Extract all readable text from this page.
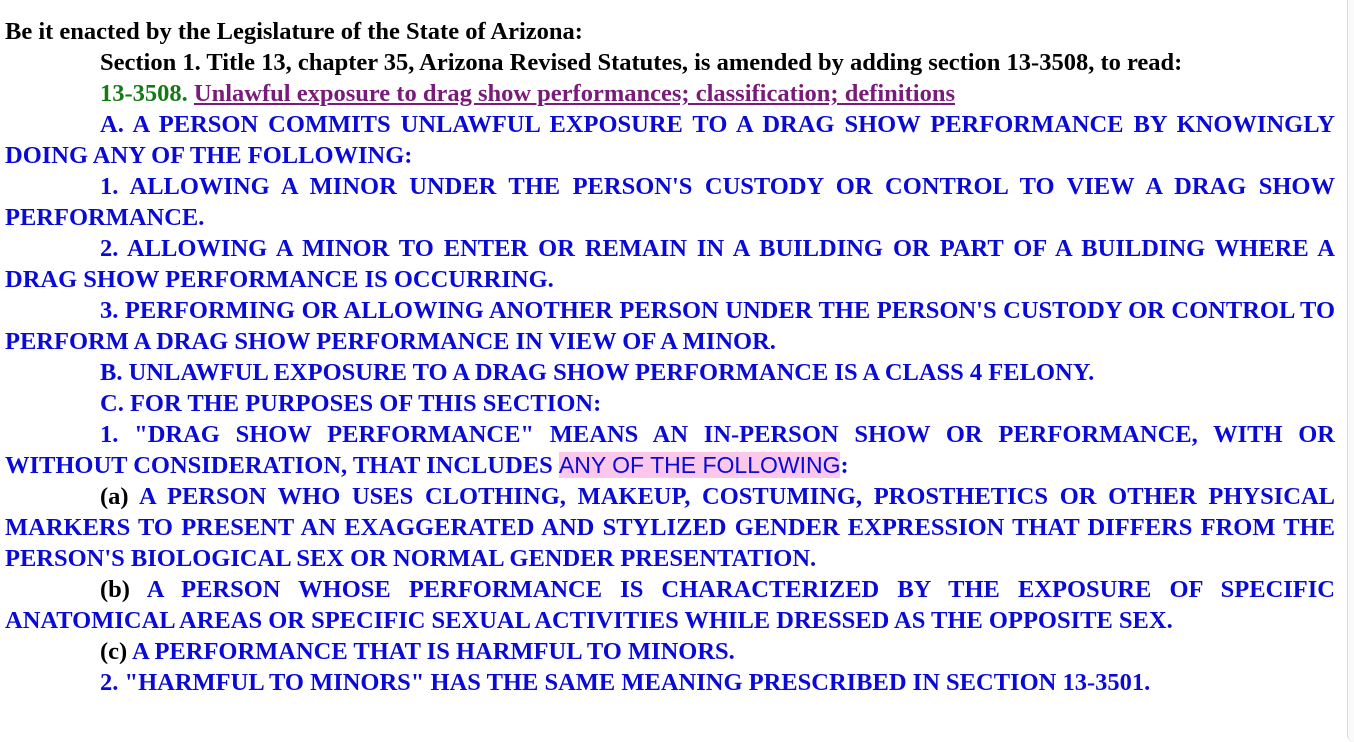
Be it enacted by the Legislature of the State of Arizona:

Section 1. Title 13, chapter 35, Arizona Revised Statutes, is amended by adding section 13-3508, to read:

13-3508. Unlawful exposure to drag show performances; classification; definitions

A. A PERSON COMMITS UNLAWFUL EXPOSURE TO A DRAG SHOW PERFORMANCE BY KNOWINGLY DOING ANY OF THE FOLLOWING:

1. ALLOWING A MINOR UNDER THE PERSON'S CUSTODY OR CONTROL TO VIEW A DRAG SHOW PERFORMANCE.

2. ALLOWING A MINOR TO ENTER OR REMAIN IN A BUILDING OR PART OF A BUILDING WHERE A DRAG SHOW PERFORMANCE IS OCCURRING.

3. PERFORMING OR ALLOWING ANOTHER PERSON UNDER THE PERSON'S CUSTODY OR CONTROL TO PERFORM A DRAG SHOW PERFORMANCE IN VIEW OF A MINOR.

B. UNLAWFUL EXPOSURE TO A DRAG SHOW PERFORMANCE IS A CLASS 4 FELONY.

C. FOR THE PURPOSES OF THIS SECTION:

1. "DRAG SHOW PERFORMANCE" MEANS AN IN-PERSON SHOW OR PERFORMANCE, WITH OR WITHOUT CONSIDERATION, THAT INCLUDES ANY OF THE FOLLOWING:

(a) A PERSON WHO USES CLOTHING, MAKEUP, COSTUMING, PROSTHETICS OR OTHER PHYSICAL MARKERS TO PRESENT AN EXAGGERATED AND STYLIZED GENDER EXPRESSION THAT DIFFERS FROM THE PERSON'S BIOLOGICAL SEX OR NORMAL GENDER PRESENTATION.

(b) A PERSON WHOSE PERFORMANCE IS CHARACTERIZED BY THE EXPOSURE OF SPECIFIC ANATOMICAL AREAS OR SPECIFIC SEXUAL ACTIVITIES WHILE DRESSED AS THE OPPOSITE SEX.

(c) A PERFORMANCE THAT IS HARMFUL TO MINORS.

2. "HARMFUL TO MINORS" HAS THE SAME MEANING PRESCRIBED IN SECTION 13-3501.
